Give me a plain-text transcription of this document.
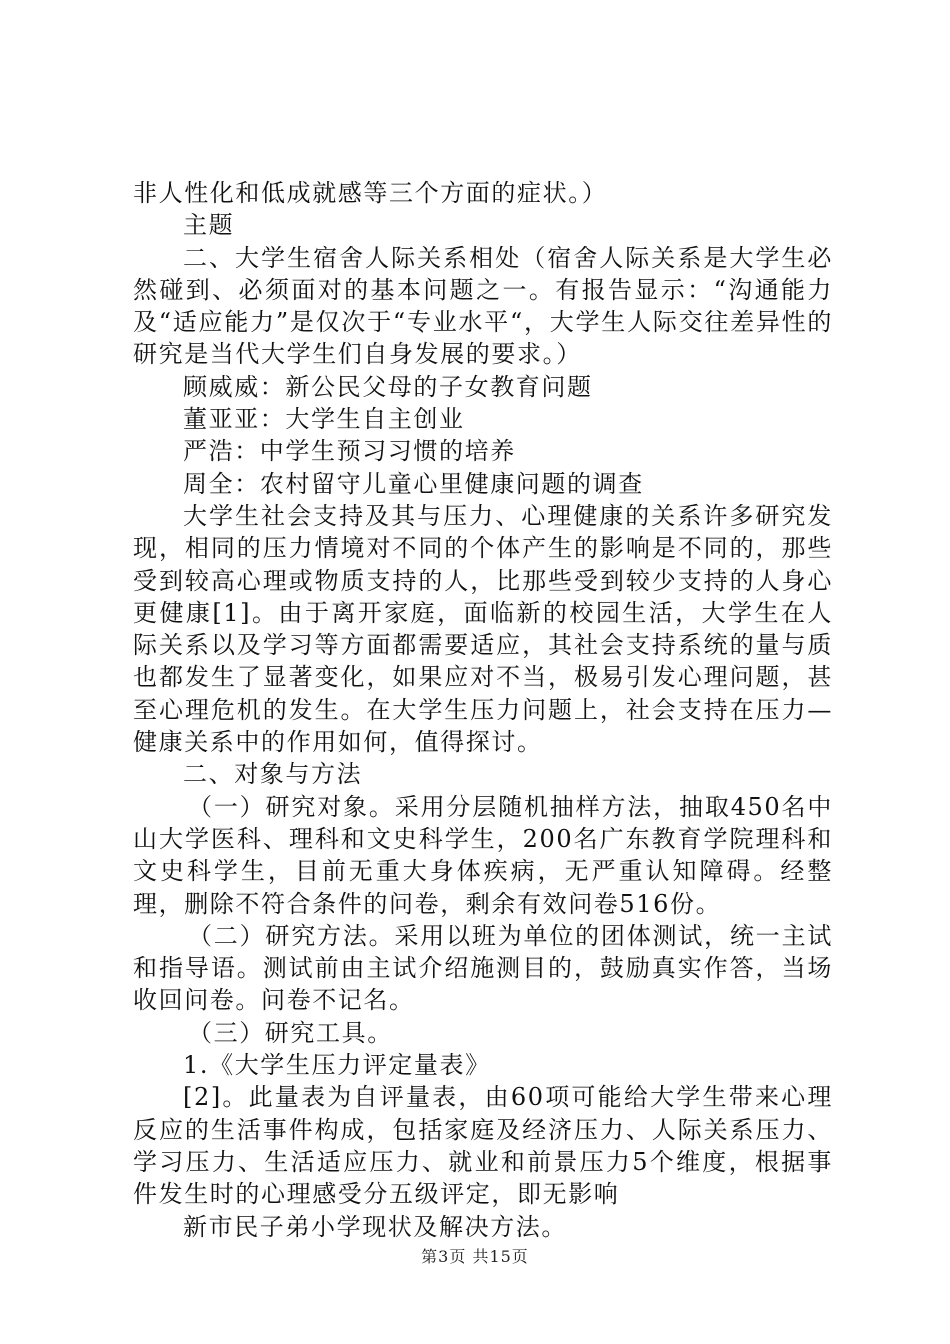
非人性化和低成就感等三个方面的症状。）

主题

二、大学生宿舍人际关系相处（宿舍人际关系是大学生必然碰到、必须面对的基本问题之一。有报告显示：“沟通能力及“适应能力”是仅次于“专业水平“，大学生人际交往差异性的研究是当代大学生们自身发展的要求。）

顾威威：新公民父母的子女教育问题

董亚亚：大学生自主创业

严浩：中学生预习习惯的培养

周全：农村留守儿童心里健康问题的调查

大学生社会支持及其与压力、心理健康的关系许多研究发现，相同的压力情境对不同的个体产生的影响是不同的，那些受到较高心理或物质支持的人，比那些受到较少支持的人身心更健康[1]。由于离开家庭，面临新的校园生活，大学生在人际关系以及学习等方面都需要适应，其社会支持系统的量与质也都发生了显著变化，如果应对不当，极易引发心理问题，甚至心理危机的发生。在大学生压力问题上，社会支持在压力—健康关系中的作用如何，值得探讨。

二、对象与方法

（一）研究对象。采用分层随机抽样方法，抽取450名中山大学医科、理科和文史科学生，200名广东教育学院理科和文史科学生，目前无重大身体疾病，无严重认知障碍。经整理，删除不符合条件的问卷，剩余有效问卷516份。

（二）研究方法。采用以班为单位的团体测试，统一主试和指导语。测试前由主试介绍施测目的，鼓励真实作答，当场收回问卷。问卷不记名。

（三）研究工具。

1.《大学生压力评定量表》

[2]。此量表为自评量表，由60项可能给大学生带来心理反应的生活事件构成，包括家庭及经济压力、人际关系压力、学习压力、生活适应压力、就业和前景压力5个维度，根据事件发生时的心理感受分五级评定，即无影响

新市民子弟小学现状及解决方法。

第3页 共15页
